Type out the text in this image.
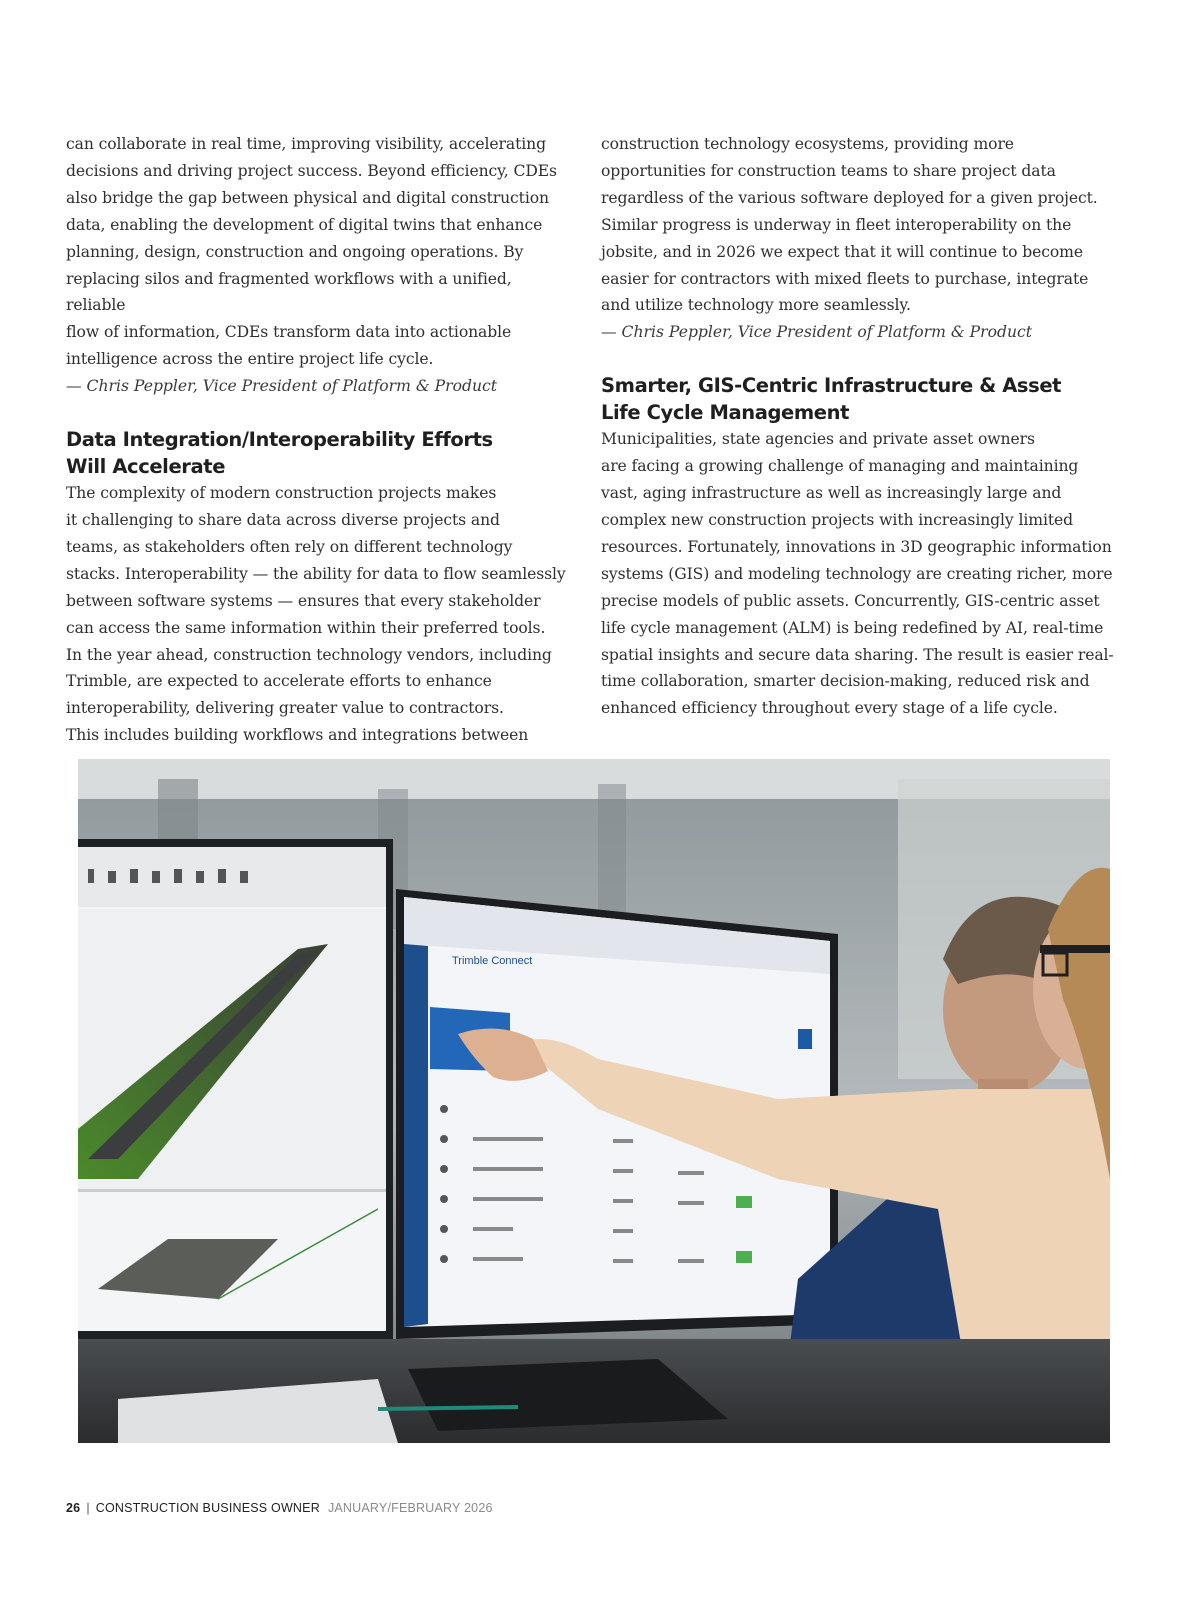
can collaborate in real time, improving visibility, accelerating

decisions and driving project success. Beyond efficiency, CDEs

also bridge the gap between physical and digital construction

data, enabling the development of digital twins that enhance

planning, design, construction and ongoing operations. By

replacing silos and fragmented workflows with a unified, reliable

flow of information, CDEs transform data into actionable

intelligence across the entire project life cycle.

— Chris Peppler, Vice President of Platform & Product

Data Integration/Interoperability Efforts

Will Accelerate

The complexity of modern construction projects makes

it challenging to share data across diverse projects and

teams, as stakeholders often rely on different technology

stacks. Interoperability — the ability for data to flow seamlessly

between software systems — ensures that every stakeholder

can access the same information within their preferred tools.

In the year ahead, construction technology vendors, including

Trimble, are expected to accelerate efforts to enhance

interoperability, delivering greater value to contractors.

This includes building workflows and integrations between

construction technology ecosystems, providing more

opportunities for construction teams to share project data

regardless of the various software deployed for a given project.

Similar progress is underway in fleet interoperability on the

jobsite, and in 2026 we expect that it will continue to become

easier for contractors with mixed fleets to purchase, integrate

and utilize technology more seamlessly.

— Chris Peppler, Vice President of Platform & Product

Smarter, GIS-Centric Infrastructure & Asset

Life Cycle Management

Municipalities, state agencies and private asset owners

are facing a growing challenge of managing and maintaining

vast, aging infrastructure as well as increasingly large and

complex new construction projects with increasingly limited

resources. Fortunately, innovations in 3D geographic information

systems (GIS) and modeling technology are creating richer, more

precise models of public assets. Concurrently, GIS-centric asset

life cycle management (ALM) is being redefined by AI, real-time

spatial insights and secure data sharing. The result is easier real-

time collaboration, smarter decision-making, reduced risk and

enhanced efficiency throughout every stage of a life cycle.

Trimble Connect
26 | CONSTRUCTION BUSINESS OWNER JANUARY/FEBRUARY 2026
